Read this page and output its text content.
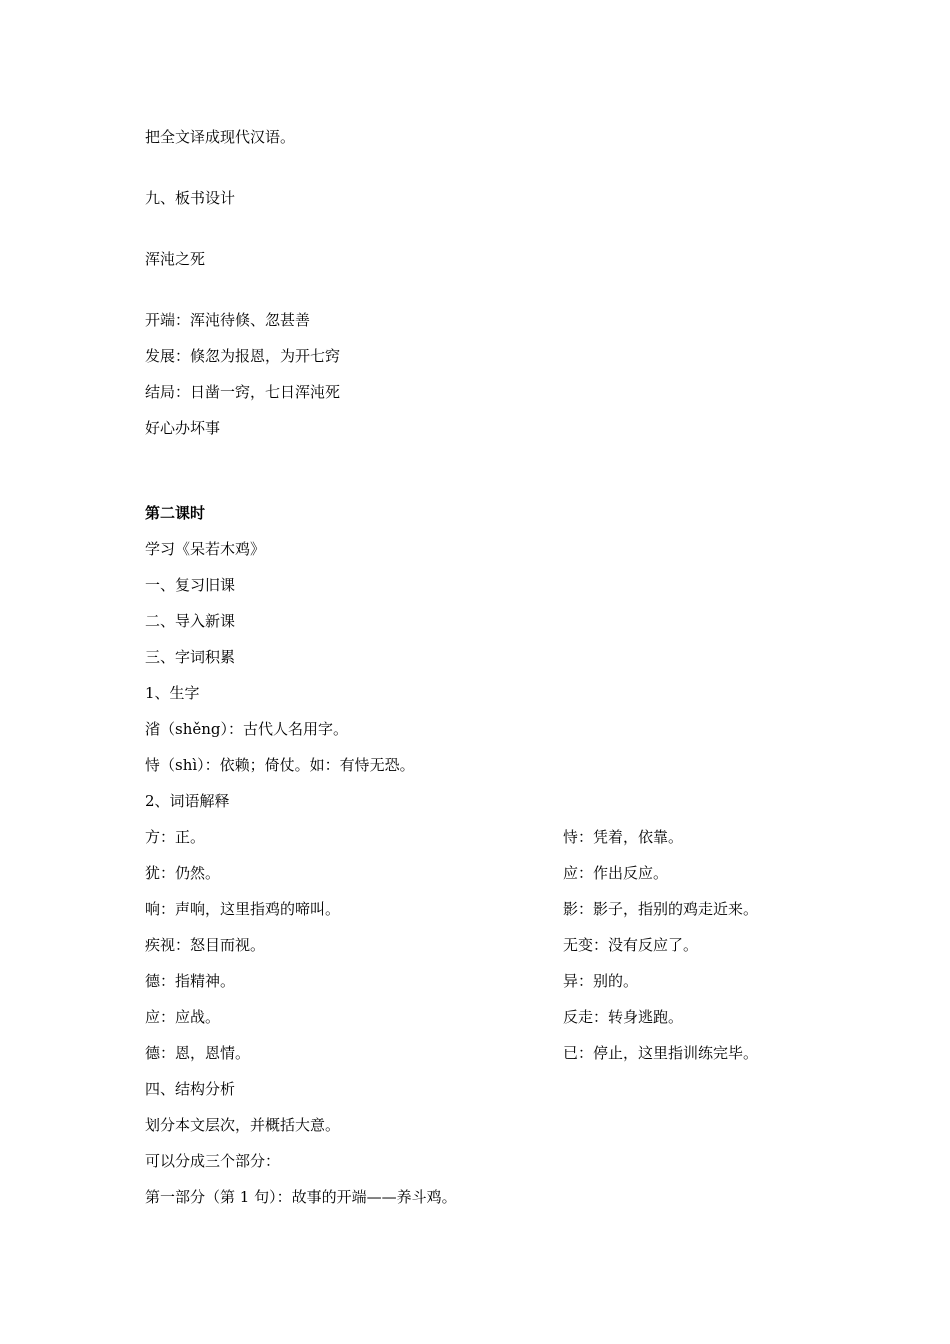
把全文译成现代汉语。
九、板书设计
浑沌之死
开端：浑沌待倏、忽甚善
发展：倏忽为报恩，为开七窍
结局：日凿一窍，七日浑沌死
好心办坏事
第二课时
学习《呆若木鸡》
一、复习旧课
二、导入新课
三、字词积累
1、生字
渻（shěng）：古代人名用字。
恃（shì）：依赖；倚仗。如：有恃无恐。
2、词语解释
方：正。
犹：仍然。
响：声响，这里指鸡的啼叫。
疾视：怒目而视。
德：指精神。
应：应战。
德：恩，恩情。
恃：凭着，依靠。
应：作出反应。
影：影子，指别的鸡走近来。
无变：没有反应了。
异：别的。
反走：转身逃跑。
已：停止，这里指训练完毕。
四、结构分析
划分本文层次，并概括大意。
可以分成三个部分：
第一部分（第 1 句）：故事的开端——养斗鸡。
